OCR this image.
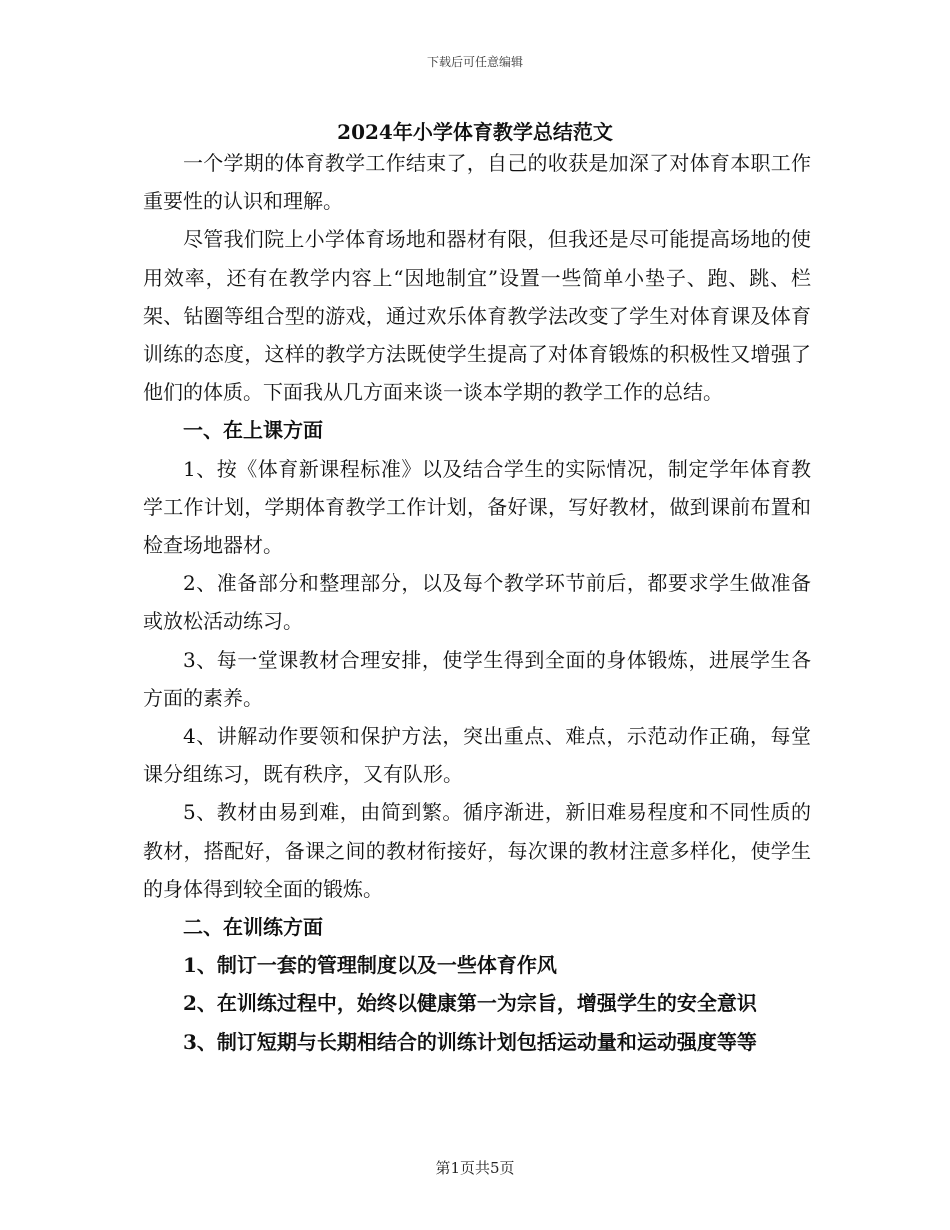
下载后可任意编辑
2024年小学体育教学总结范文

一个学期的体育教学工作结束了，自己的收获是加深了对体育本职工作重要性的认识和理解。

尽管我们院上小学体育场地和器材有限，但我还是尽可能提高场地的使用效率，还有在教学内容上“因地制宜”设置一些简单小垫子、跑、跳、栏架、钻圈等组合型的游戏，通过欢乐体育教学法改变了学生对体育课及体育训练的态度，这样的教学方法既使学生提高了对体育锻炼的积极性又增强了他们的体质。下面我从几方面来谈一谈本学期的教学工作的总结。

一、在上课方面

1、按《体育新课程标准》以及结合学生的实际情况，制定学年体育教学工作计划，学期体育教学工作计划，备好课，写好教材，做到课前布置和检查场地器材。

2、准备部分和整理部分，以及每个教学环节前后，都要求学生做准备或放松活动练习。

3、每一堂课教材合理安排，使学生得到全面的身体锻炼，进展学生各方面的素养。

4、讲解动作要领和保护方法，突出重点、难点，示范动作正确，每堂课分组练习，既有秩序，又有队形。

5、教材由易到难，由简到繁。循序渐进，新旧难易程度和不同性质的教材，搭配好，备课之间的教材衔接好，每次课的教材注意多样化，使学生的身体得到较全面的锻炼。

二、在训练方面

1、制订一套的管理制度以及一些体育作风

2、在训练过程中，始终以健康第一为宗旨，增强学生的安全意识

3、制订短期与长期相结合的训练计划包括运动量和运动强度等等

第1页共5页
